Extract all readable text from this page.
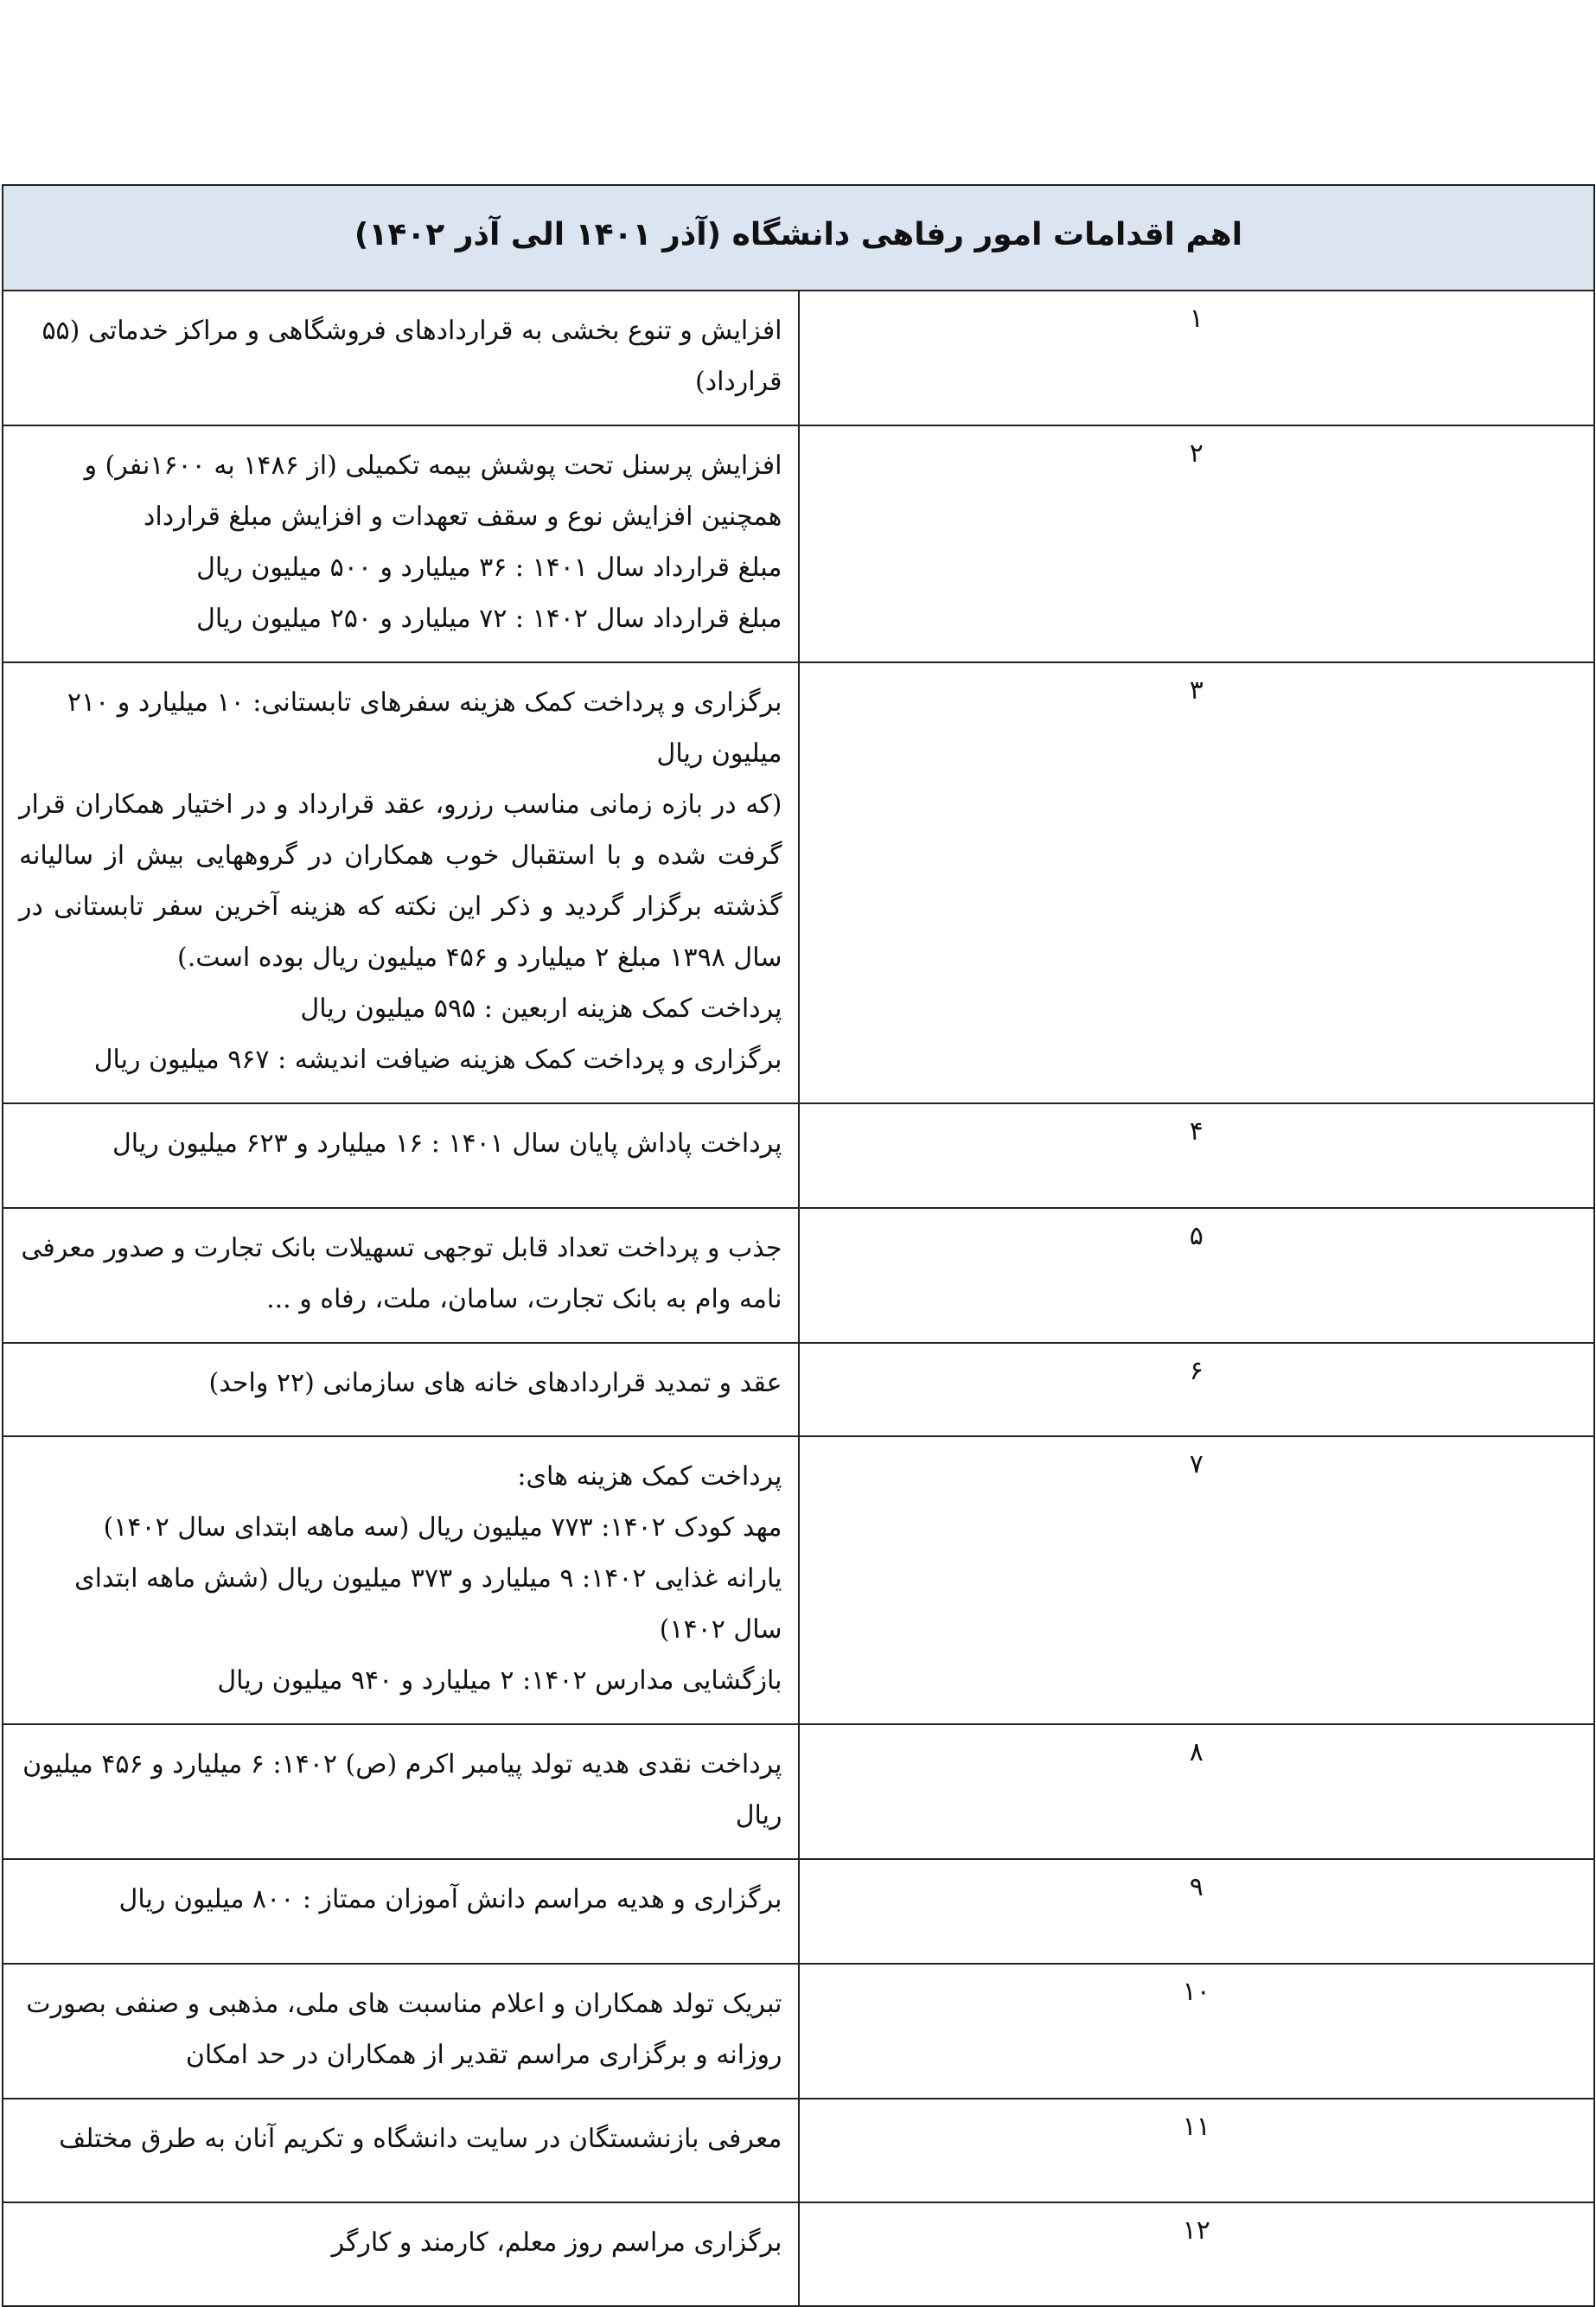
اهم اقدامات امور رفاهی دانشگاه (آذر ۱۴۰۱ الی آذر ۱۴۰۲)	
۱	افزایش و تنوع بخشی به قراردادهای فروشگاهی و مراکز خدماتی (۵۵ قرارداد)

۲	افزایش پرسنل تحت پوشش بیمه تکمیلی (از ۱۴۸۶ به ۱۶۰۰نفر) و همچنین افزایش نوع و سقف تعهدات و افزایش مبلغ قرارداد

مبلغ قرارداد سال ۱۴۰۱ : ۳۶ میلیارد و ۵۰۰ میلیون ریال

مبلغ قرارداد سال ۱۴۰۲ : ۷۲ میلیارد و ۲۵۰ میلیون ریال

۳	برگزاری و پرداخت کمک هزینه سفرهای تابستانی: ۱۰ میلیارد و ۲۱۰ میلیون ریال

(که در بازه زمانی مناسب رزرو، عقد قرارداد و در اختیار همکاران قرار گرفت شده و با استقبال خوب همکاران در گروههایی بیش از سالیانه گذشته برگزار گردید و ذکر این نکته که هزینه آخرین سفر تابستانی در سال ۱۳۹۸ مبلغ ۲ میلیارد و ۴۵۶ میلیون ریال بوده است.)

پرداخت کمک هزینه اربعین : ۵۹۵ میلیون ریال

برگزاری و پرداخت کمک هزینه ضیافت اندیشه : ۹۶۷ میلیون ریال

۴	پرداخت پاداش پایان سال ۱۴۰۱ : ۱۶ میلیارد و ۶۲۳ میلیون ریال

۵	جذب و پرداخت تعداد قابل توجهی تسهیلات بانک تجارت و صدور معرفی نامه وام به بانک تجارت، سامان، ملت، رفاه و ...

۶	عقد و تمدید قراردادهای خانه های سازمانی (۲۲ واحد)

۷	پرداخت کمک هزینه های:

مهد کودک ۱۴۰۲: ۷۷۳ میلیون ریال (سه ماهه ابتدای سال ۱۴۰۲)

یارانه غذایی ۱۴۰۲: ۹ میلیارد و ۳۷۳ میلیون ریال (شش ماهه ابتدای سال ۱۴۰۲)

بازگشایی مدارس ۱۴۰۲: ۲ میلیارد و ۹۴۰ میلیون ریال

۸	پرداخت نقدی هدیه تولد پیامبر اکرم (ص) ۱۴۰۲: ۶ میلیارد و ۴۵۶ میلیون ریال

۹	برگزاری و هدیه مراسم دانش آموزان ممتاز : ۸۰۰ میلیون ریال

۱۰	تبریک تولد همکاران و اعلام مناسبت های ملی، مذهبی و صنفی بصورت روزانه و برگزاری مراسم تقدیر از همکاران در حد امکان

۱۱	معرفی بازنشستگان در سایت دانشگاه و تکریم آنان به طرق مختلف

۱۲	برگزاری مراسم روز معلم، کارمند و کارگر
